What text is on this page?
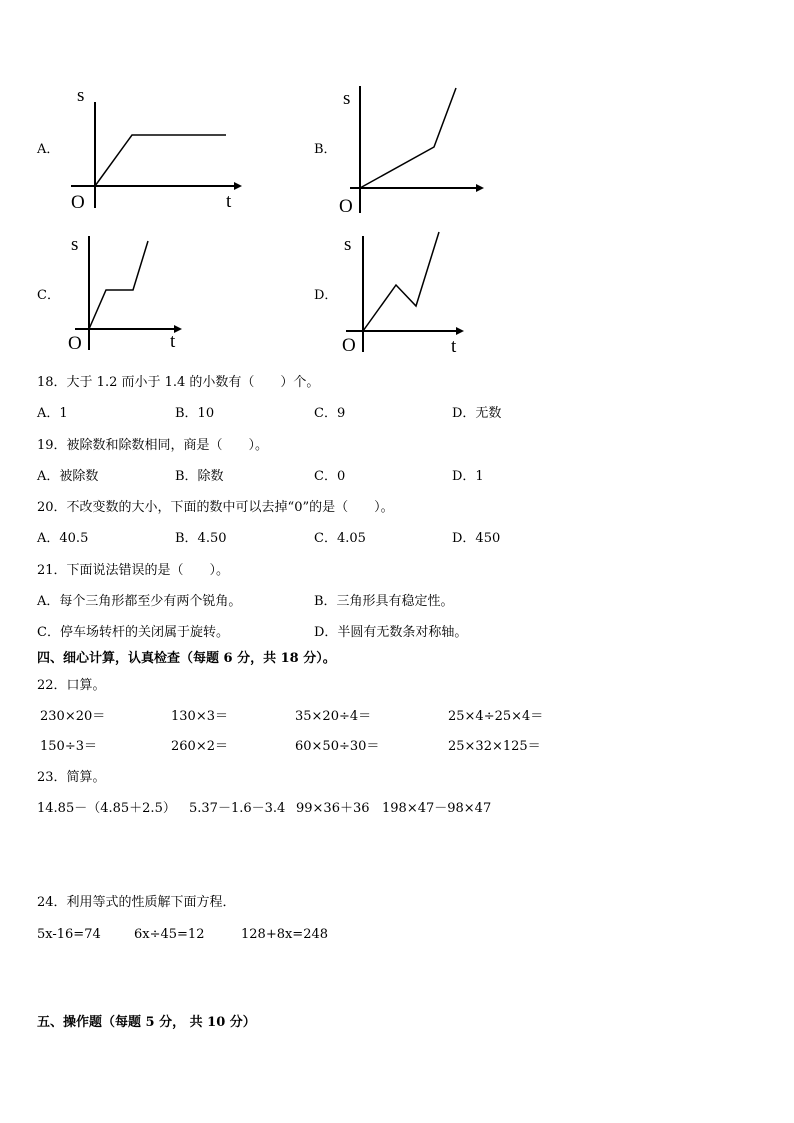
A．
s
O	t
B．
s
O
C．
s
O	t
D．
s
O	t
18．大于 1.2 而小于 1.4 的小数有（　　）个。
A．1	B．10	C．9	D．无数
19．被除数和除数相同，商是（　　）。
A．被除数	B．除数	C．0	D．1
20．不改变数的大小，下面的数中可以去掉“0”的是（　　）。
A．40.5	B．4.50	C．4.05	D．450
21．下面说法错误的是（　　）。
A．每个三角形都至少有两个锐角。	B．三角形具有稳定性。
C．停车场转杆的关闭属于旋转。	D．半圆有无数条对称轴。
四、细心计算，认真检查（每题 6 分，共 18 分）。
22．口算。
230×20＝	130×3＝	35×20÷4＝	25×4÷25×4＝
150÷3＝	260×2＝	60×50÷30＝	25×32×125＝
23．简算。
14.85－（4.85＋2.5） 5.37－1.6－3.4 99×36＋36 198×47－98×47
24．利用等式的性质解下面方程．
5x-16=74	6x÷45=12	128+8x=248
五、操作题（每题 5 分， 共 10 分）
